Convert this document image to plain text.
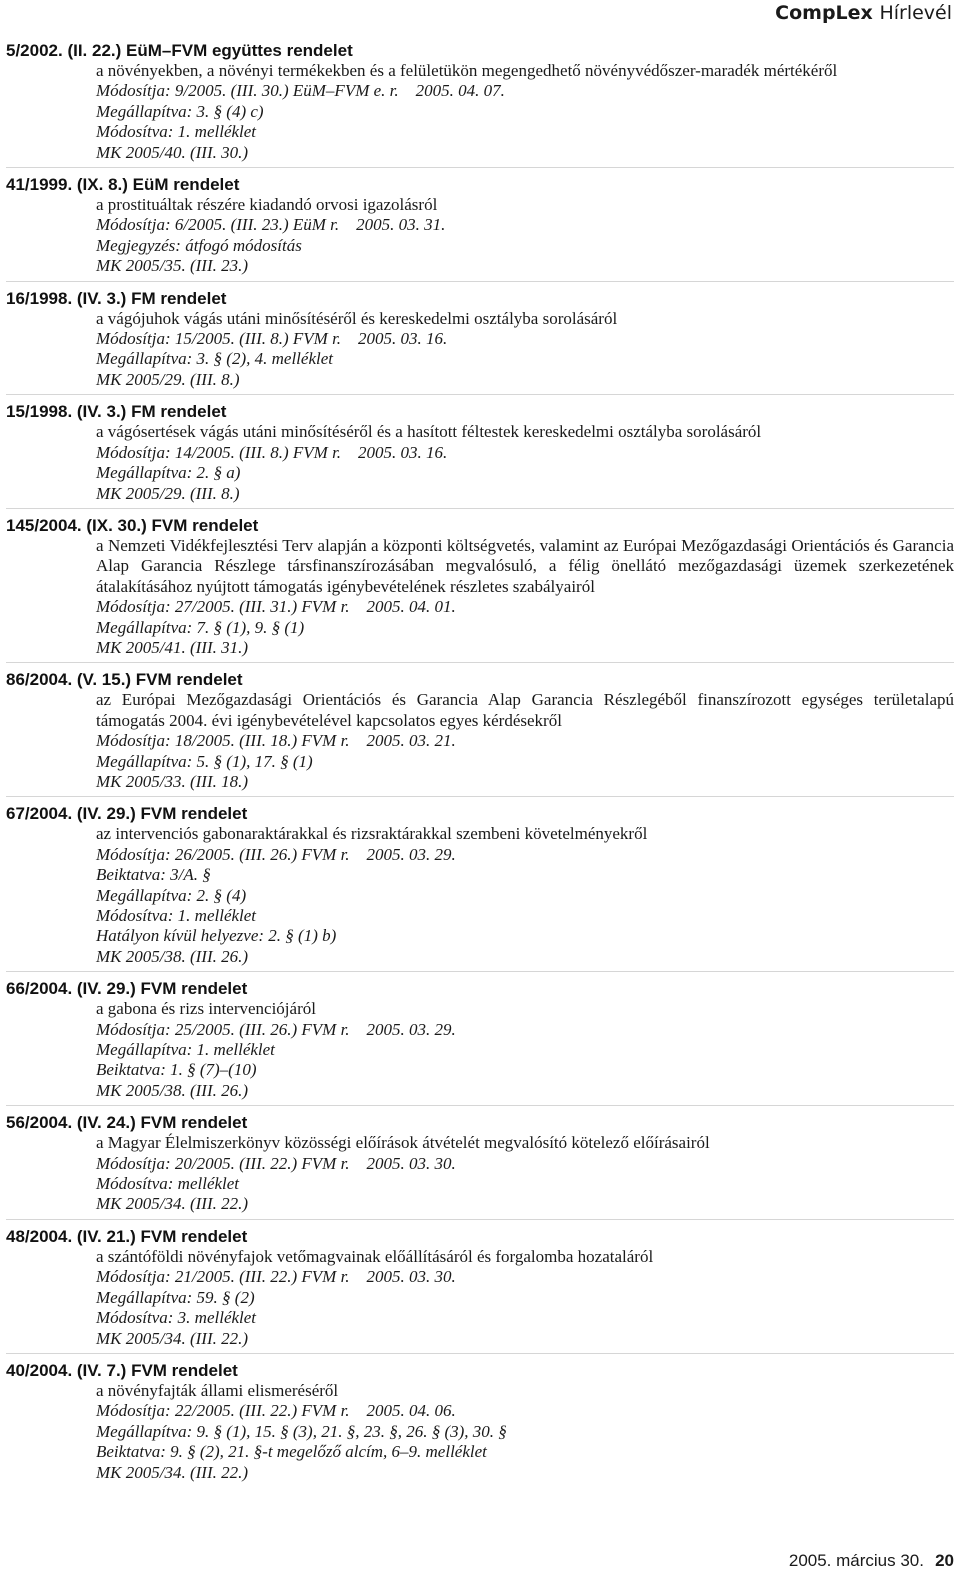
CompLex Hírlevél
5/2002. (II. 22.) EüM–FVM együttes rendelet
a növényekben, a növényi termékekben és a felületükön megengedhető növényvédőszer-maradék mértékéről
Módosítja: 9/2005. (III. 30.) EüM–FVM e. r.    2005. 04. 07.
Megállapítva: 3. § (4) c)
Módosítva: 1. melléklet
MK 2005/40. (III. 30.)
41/1999. (IX. 8.) EüM rendelet
a prostituáltak részére kiadandó orvosi igazolásról
Módosítja: 6/2005. (III. 23.) EüM r.    2005. 03. 31.
Megjegyzés: átfogó módosítás
MK 2005/35. (III. 23.)
16/1998. (IV. 3.) FM rendelet
a vágójuhok vágás utáni minősítéséről és kereskedelmi osztályba sorolásáról
Módosítja: 15/2005. (III. 8.) FVM r.    2005. 03. 16.
Megállapítva: 3. § (2), 4. melléklet
MK 2005/29. (III. 8.)
15/1998. (IV. 3.) FM rendelet
a vágósertések vágás utáni minősítéséről és a hasított féltestek kereskedelmi osztályba sorolásáról
Módosítja: 14/2005. (III. 8.) FVM r.    2005. 03. 16.
Megállapítva: 2. § a)
MK 2005/29. (III. 8.)
145/2004. (IX. 30.) FVM rendelet
a Nemzeti Vidékfejlesztési Terv alapján a központi költségvetés, valamint az Európai Mezőgazdasági Orientációs és Garancia Alap Garancia Részlege társfinanszírozásában megvalósuló, a félig önellátó mezőgazdasági üzemek szerkezetének átalakításához nyújtott támogatás igénybevételének részletes szabályairól
Módosítja: 27/2005. (III. 31.) FVM r.    2005. 04. 01.
Megállapítva: 7. § (1), 9. § (1)
MK 2005/41. (III. 31.)
86/2004. (V. 15.) FVM rendelet
az Európai Mezőgazdasági Orientációs és Garancia Alap Garancia Részlegéből finanszírozott egységes területalapú támogatás 2004. évi igénybevételével kapcsolatos egyes kérdésekről
Módosítja: 18/2005. (III. 18.) FVM r.    2005. 03. 21.
Megállapítva: 5. § (1), 17. § (1)
MK 2005/33. (III. 18.)
67/2004. (IV. 29.) FVM rendelet
az intervenciós gabonaraktárakkal és rizsraktárakkal szembeni követelményekről
Módosítja: 26/2005. (III. 26.) FVM r.    2005. 03. 29.
Beiktatva: 3/A. §
Megállapítva: 2. § (4)
Módosítva: 1. melléklet
Hatályon kívül helyezve: 2. § (1) b)
MK 2005/38. (III. 26.)
66/2004. (IV. 29.) FVM rendelet
a gabona és rizs intervenciójáról
Módosítja: 25/2005. (III. 26.) FVM r.    2005. 03. 29.
Megállapítva: 1. melléklet
Beiktatva: 1. § (7)–(10)
MK 2005/38. (III. 26.)
56/2004. (IV. 24.) FVM rendelet
a Magyar Élelmiszerkönyv közösségi előírások átvételét megvalósító kötelező előírásairól
Módosítja: 20/2005. (III. 22.) FVM r.    2005. 03. 30.
Módosítva: melléklet
MK 2005/34. (III. 22.)
48/2004. (IV. 21.) FVM rendelet
a szántóföldi növényfajok vetőmagvainak előállításáról és forgalomba hozataláról
Módosítja: 21/2005. (III. 22.) FVM r.    2005. 03. 30.
Megállapítva: 59. § (2)
Módosítva: 3. melléklet
MK 2005/34. (III. 22.)
40/2004. (IV. 7.) FVM rendelet
a növényfajták állami elismeréséről
Módosítja: 22/2005. (III. 22.) FVM r.    2005. 04. 06.
Megállapítva: 9. § (1), 15. § (3), 21. §, 23. §, 26. § (3), 30. §
Beiktatva: 9. § (2), 21. §-t megelőző alcím, 6–9. melléklet
MK 2005/34. (III. 22.)
2005. március 30. 20
